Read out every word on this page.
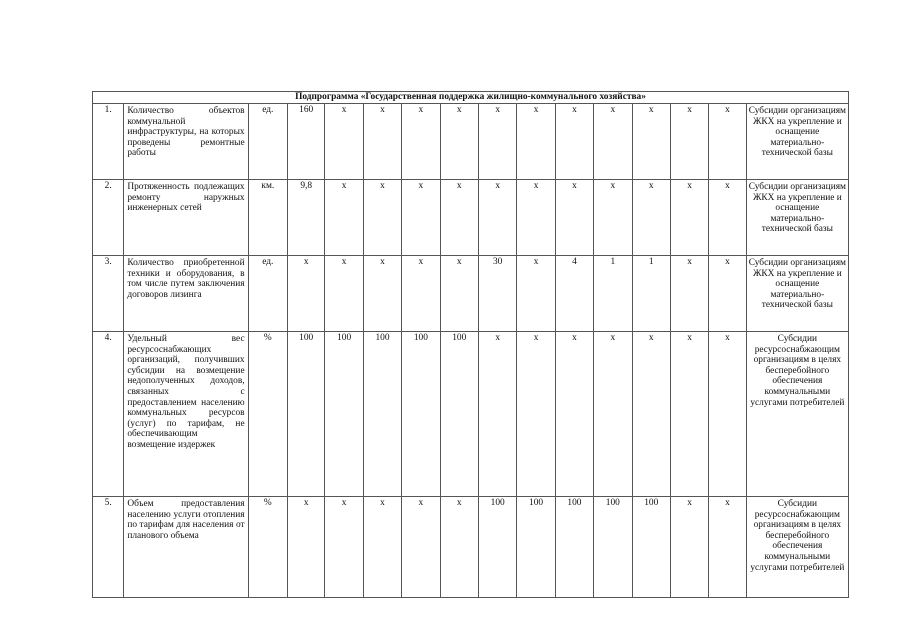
Подпрограмма «Государственная поддержка жилищно-коммунального хозяйства»															
1.	Количество объектов коммунальной инфраструктуры, на которых проведены ремонтные работы	ед.	160	х	х	х	х	х	х	х	х	х	х	х	Субсидии организациям ЖКХ на укрепление и оснащение материально-технической базы
2.	Протяженность подлежащих ремонту наружных инженерных сетей	км.	9,8	х	х	х	х	х	х	х	х	х	х	х	Субсидии организациям ЖКХ на укрепление и оснащение материально-технической базы
3.	Количество приобретенной техники и оборудования, в том числе путем заключения договоров лизинга	ед.	х	х	х	х	х	30	х	4	1	1	х	х	Субсидии организациям ЖКХ на укрепление и оснащение материально-технической базы
4.	Удельный вес ресурсоснабжающих организаций, получивших субсидии на возмещение недополученных доходов, связанных с предоставлением населению коммунальных ресурсов (услуг) по тарифам, не обеспечивающим возмещение издержек	%	100	100	100	100	100	х	х	х	х	х	х	х	Субсидии ресурсоснабжающим организациям в целях бесперебойного обеспечения коммунальными услугами потребителей
5.	Объем предоставления населению услуги отопления по тарифам для населения от планового объема	%	х	х	х	х	х	100	100	100	100	100	х	х	Субсидии ресурсоснабжающим организациям в целях бесперебойного обеспечения коммунальными услугами потребителей
